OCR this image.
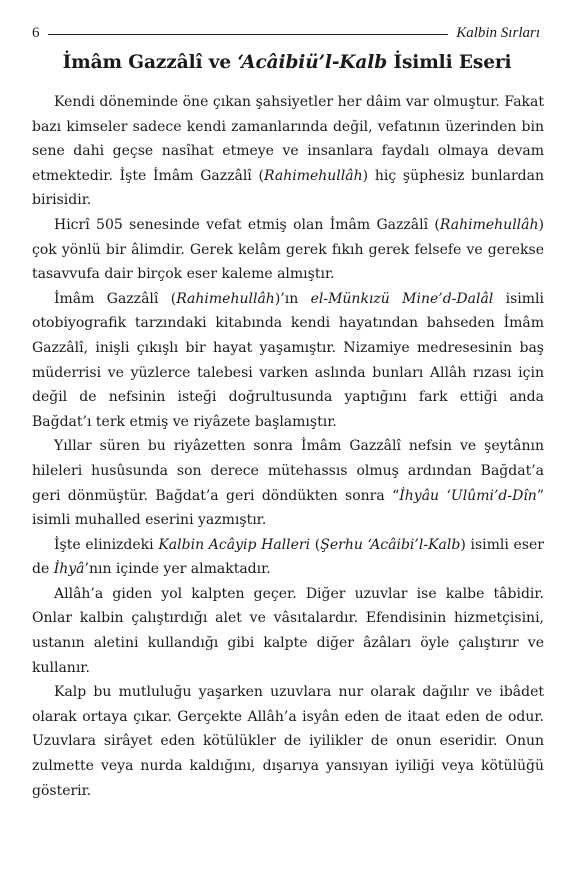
6	Kalbin Sırları
İmâm Gazzâlî ve ‘Acâibiü’l-Kalb İsimli Eseri

Kendi döneminde öne çıkan şahsiyetler her dâim var olmuştur. Fakat bazı kimseler sadece kendi zamanlarında değil, vefatının üzerinden bin sene dahi geçse nasîhat etmeye ve insanlara faydalı olmaya devam etmektedir. İşte İmâm Gazzâlî (Rahimehullâh) hiç şüphesiz bunlardan birisidir.

Hicrî 505 senesinde vefat etmiş olan İmâm Gazzâlî (Rahimehullâh) çok yönlü bir âlimdir. Gerek kelâm gerek fıkıh gerek felsefe ve gerekse tasavvufa dair birçok eser kaleme almıştır.

İmâm Gazzâlî (Rahimehullâh)’ın el-Münkızü Mine’d-Dalâl isimli otobiyografik tarzındaki kitabında kendi hayatından bahseden İmâm Gazzâlî, inişli çıkışlı bir hayat yaşamıştır. Nizamiye medresesinin baş müderrisi ve yüzlerce talebesi varken aslında bunları Allâh rızası için değil de nefsinin isteği doğrultusunda yaptığını fark ettiği anda Bağdat’ı terk etmiş ve riyâzete başlamıştır.

Yıllar süren bu riyâzetten sonra İmâm Gazzâlî nefsin ve şeytânın hileleri husûsunda son derece mütehassıs olmuş ardından Bağdat’a geri dönmüştür. Bağdat’a geri döndükten sonra “İhyâu ‘Ulûmi’d-Dîn” isimli muhalled eserini yazmıştır.

İşte elinizdeki Kalbin Acâyip Halleri (Şerhu ‘Acâibi’l-Kalb) isimli eser de İhyâ’nın içinde yer almaktadır.

Allâh’a giden yol kalpten geçer. Diğer uzuvlar ise kalbe tâbidir. Onlar kalbin çalıştırdığı alet ve vâsıtalardır. Efendisinin hizmetçisini, ustanın aletini kullandığı gibi kalpte diğer âzâları öyle çalıştırır ve kullanır.

Kalp bu mutluluğu yaşarken uzuvlara nur olarak dağılır ve ibâdet olarak ortaya çıkar. Gerçekte Allâh’a isyân eden de itaat eden de odur. Uzuvlara sirâyet eden kötülükler de iyilikler de onun eseridir. Onun zulmette veya nurda kaldığını, dışarıya yansıyan iyiliği veya kötülüğü gösterir.
